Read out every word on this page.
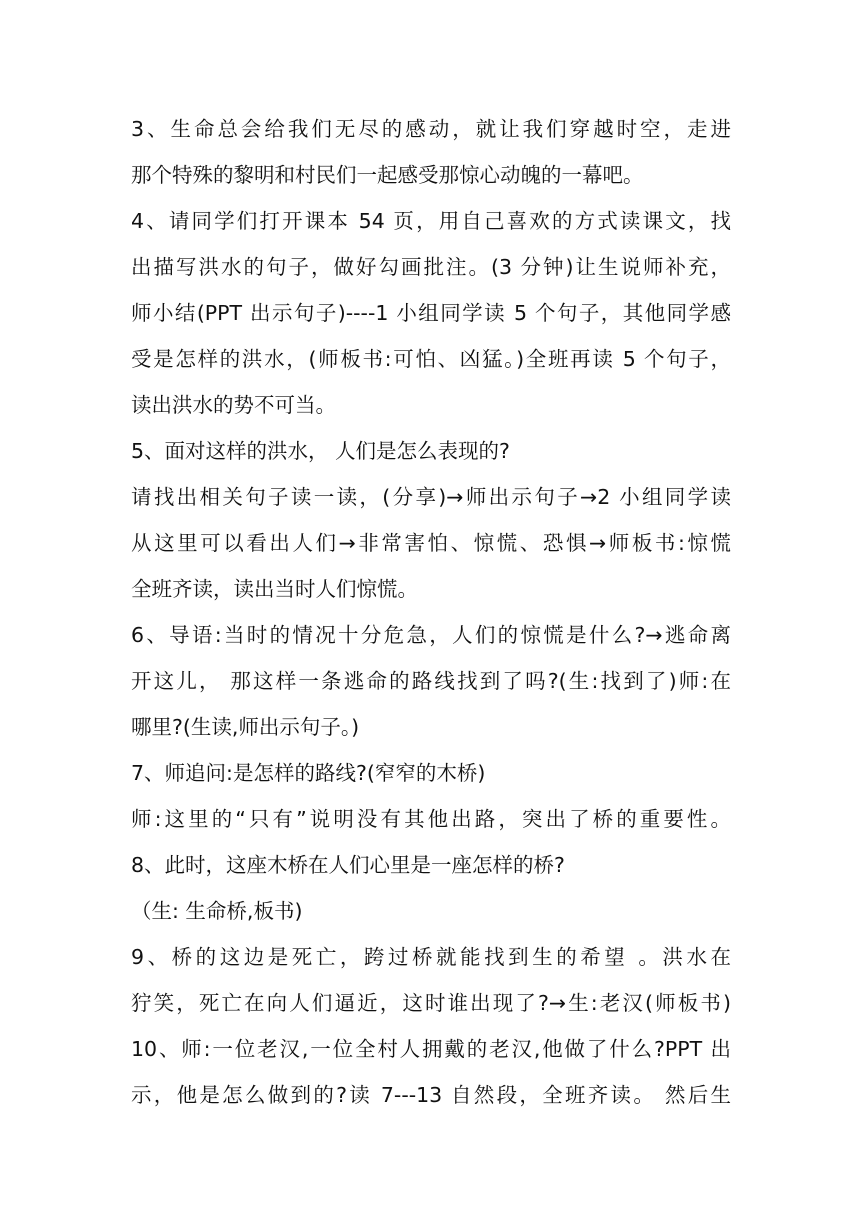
3、生命总会给我们无尽的感动，就让我们穿越时空，走进
那个特殊的黎明和村民们一起感受那惊心动魄的一幕吧。
4、请同学们打开课本 54 页，用自己喜欢的方式读课文，找
出描写洪水的句子，做好勾画批注。(3 分钟)让生说师补充，
师小结(PPT 出示句子)----1 小组同学读 5 个句子，其他同学感
受是怎样的洪水，(师板书:可怕、凶猛。)全班再读 5 个句子，
读出洪水的势不可当。
5、面对这样的洪水， 人们是怎么表现的?
请找出相关句子读一读，(分享)→师出示句子→2 小组同学读
从这里可以看出人们→非常害怕、惊慌、恐惧→师板书:惊慌
全班齐读，读出当时人们惊慌。
6、导语:当时的情况十分危急，人们的惊慌是什么?→逃命离
开这儿， 那这样一条逃命的路线找到了吗?(生:找到了)师:在
哪里?(生读,师出示句子。)
7、师追问:是怎样的路线?(窄窄的木桥)
师:这里的“只有”说明没有其他出路，突出了桥的重要性。
8、此时，这座木桥在人们心里是一座怎样的桥?
（生: 生命桥,板书)
9、桥的这边是死亡，跨过桥就能找到生的希望 。洪水在
狞笑，死亡在向人们逼近，这时谁出现了?→生:老汉(师板书)
10、师:一位老汉,一位全村人拥戴的老汉,他做了什么?PPT 出
示，他是怎么做到的?读 7---13 自然段，全班齐读。 然后生
